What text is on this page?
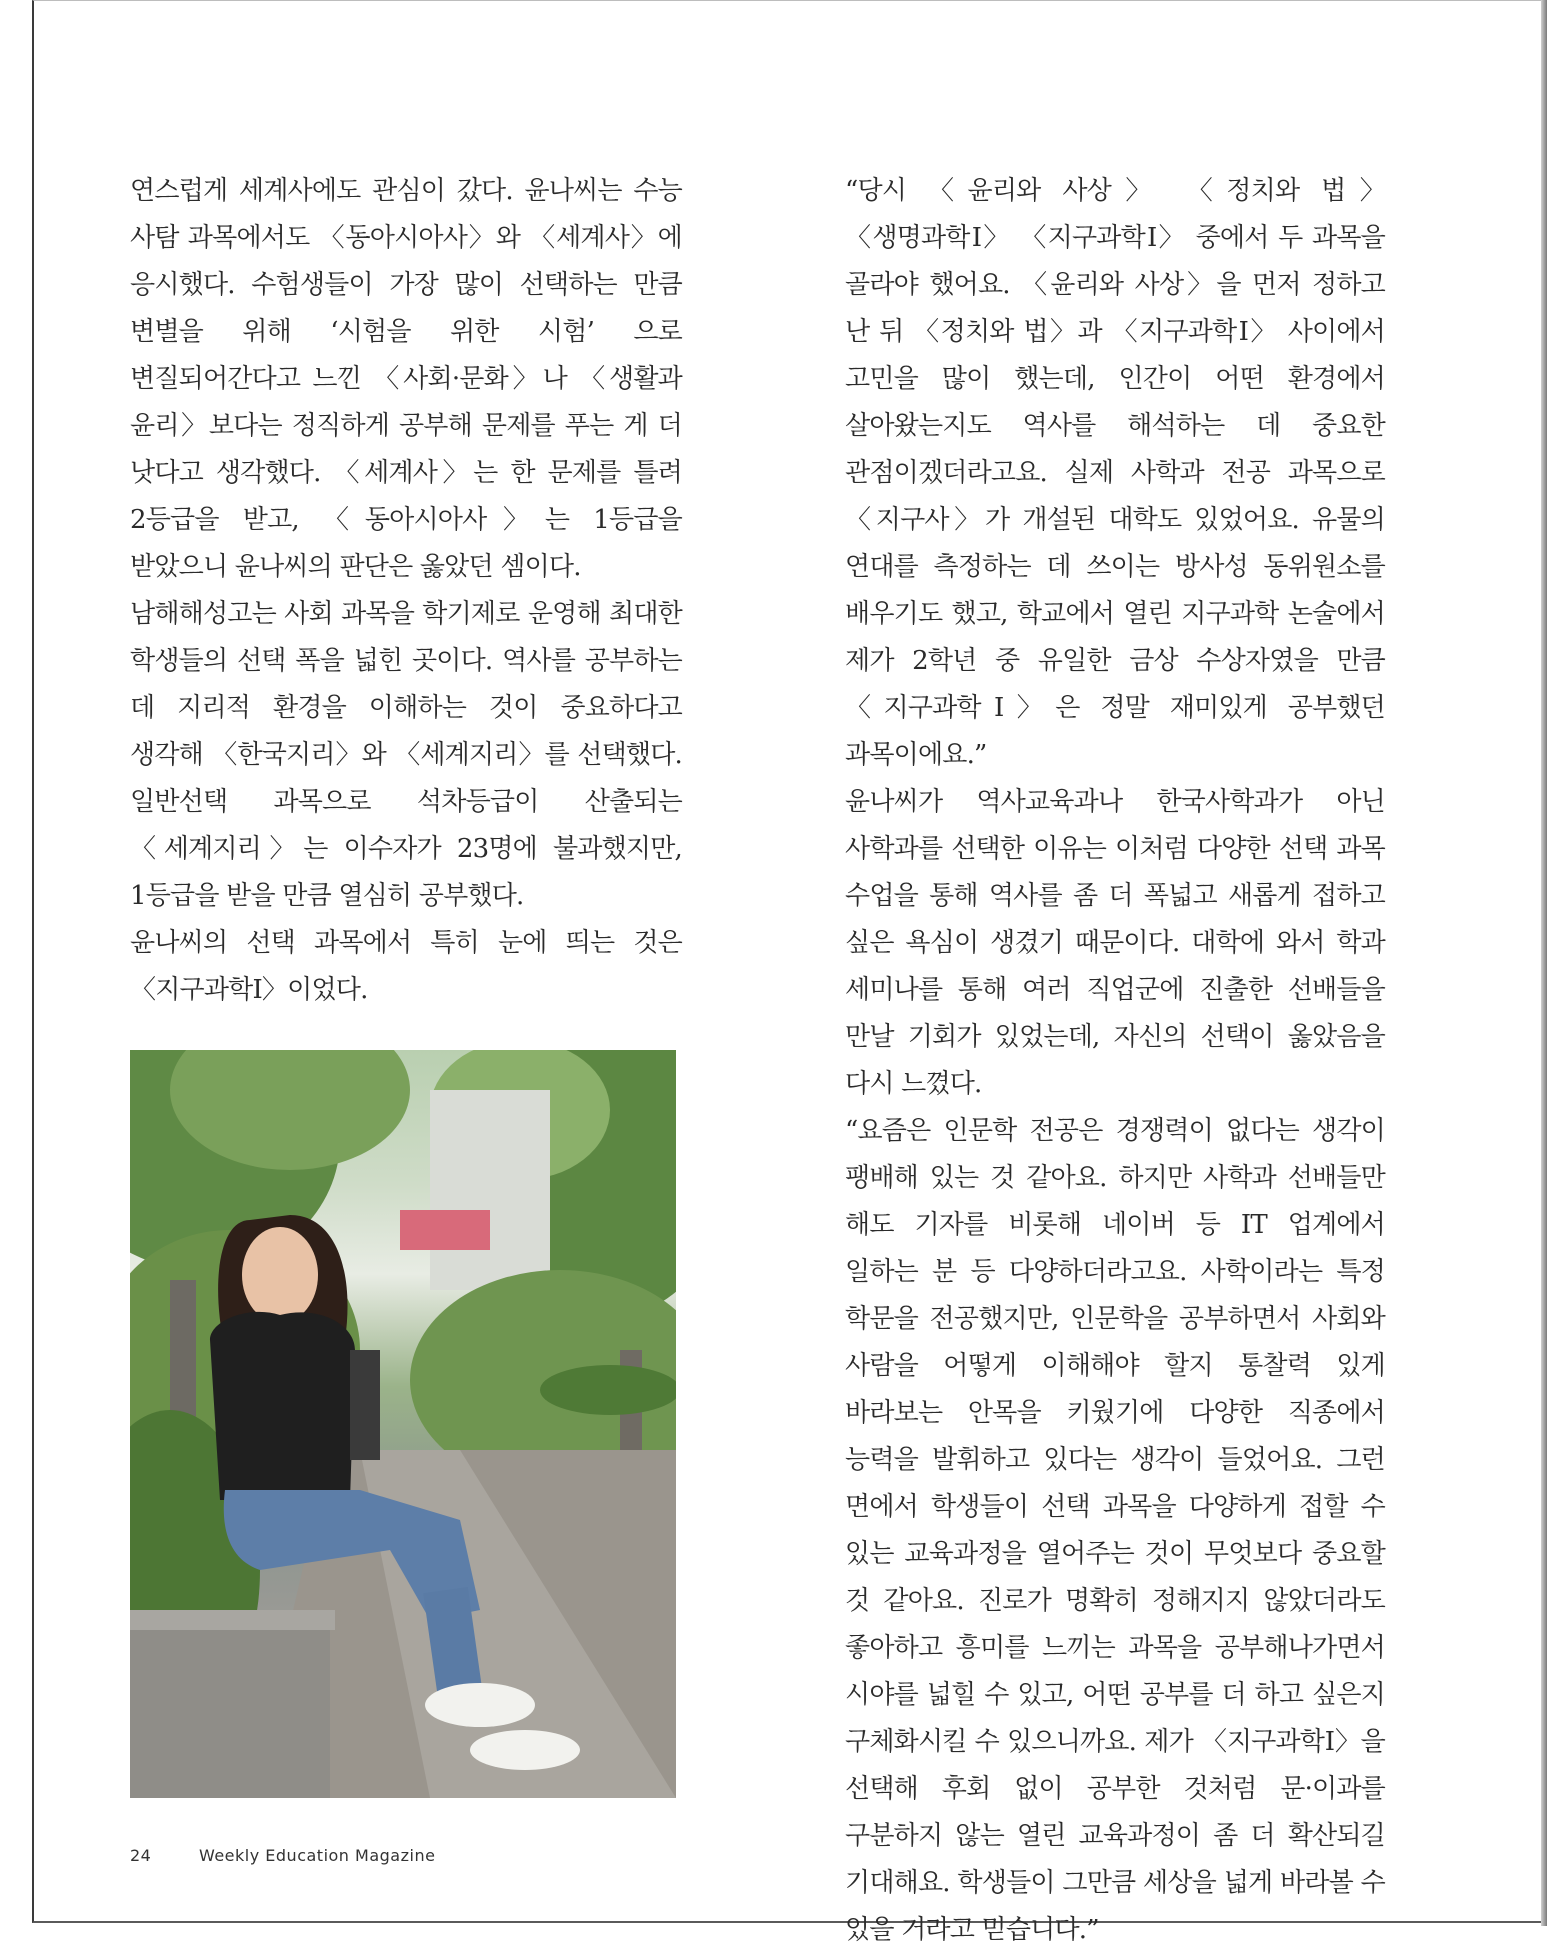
연스럽게 세계사에도 관심이 갔다. 윤나씨는 수능 사탐 과목에서도 〈동아시아사〉와 〈세계사〉에 응시했다. 수험생들이 가장 많이 선택하는 만큼 변별을 위해 ‘시험을 위한 시험’ 으로 변질되어간다고 느낀 〈사회·문화〉나 〈생활과 윤리〉보다는 정직하게 공부해 문제를 푸는 게 더 낫다고 생각했다. 〈세계사〉는 한 문제를 틀려 2등급을 받고, 〈동아시아사〉는 1등급을 받았으니 윤나씨의 판단은 옳았던 셈이다.

남해해성고는 사회 과목을 학기제로 운영해 최대한 학생들의 선택 폭을 넓힌 곳이다. 역사를 공부하는 데 지리적 환경을 이해하는 것이 중요하다고 생각해 〈한국지리〉와 〈세계지리〉를 선택했다. 일반선택 과목으로 석차등급이 산출되는 〈세계지리〉는 이수자가 23명에 불과했지만, 1등급을 받을 만큼 열심히 공부했다.

윤나씨의 선택 과목에서 특히 눈에 띄는 것은 〈지구과학Ⅰ〉이었다.

“당시 〈윤리와 사상〉 〈정치와 법〉 〈생명과학Ⅰ〉 〈지구과학Ⅰ〉 중에서 두 과목을 골라야 했어요. 〈윤리와 사상〉을 먼저 정하고 난 뒤 〈정치와 법〉과 〈지구과학Ⅰ〉 사이에서 고민을 많이 했는데, 인간이 어떤 환경에서 살아왔는지도 역사를 해석하는 데 중요한 관점이겠더라고요. 실제 사학과 전공 과목으로 〈지구사〉가 개설된 대학도 있었어요. 유물의 연대를 측정하는 데 쓰이는 방사성 동위원소를 배우기도 했고, 학교에서 열린 지구과학 논술에서 제가 2학년 중 유일한 금상 수상자였을 만큼 〈지구과학Ⅰ〉은 정말 재미있게 공부했던 과목이에요.”

윤나씨가 역사교육과나 한국사학과가 아닌 사학과를 선택한 이유는 이처럼 다양한 선택 과목 수업을 통해 역사를 좀 더 폭넓고 새롭게 접하고 싶은 욕심이 생겼기 때문이다. 대학에 와서 학과 세미나를 통해 여러 직업군에 진출한 선배들을 만날 기회가 있었는데, 자신의 선택이 옳았음을 다시 느꼈다.

“요즘은 인문학 전공은 경쟁력이 없다는 생각이 팽배해 있는 것 같아요. 하지만 사학과 선배들만 해도 기자를 비롯해 네이버 등 IT 업계에서 일하는 분 등 다양하더라고요. 사학이라는 특정 학문을 전공했지만, 인문학을 공부하면서 사회와 사람을 어떻게 이해해야 할지 통찰력 있게 바라보는 안목을 키웠기에 다양한 직종에서 능력을 발휘하고 있다는 생각이 들었어요. 그런 면에서 학생들이 선택 과목을 다양하게 접할 수 있는 교육과정을 열어주는 것이 무엇보다 중요할 것 같아요. 진로가 명확히 정해지지 않았더라도 좋아하고 흥미를 느끼는 과목을 공부해나가면서 시야를 넓힐 수 있고, 어떤 공부를 더 하고 싶은지 구체화시킬 수 있으니까요. 제가 〈지구과학Ⅰ〉을 선택해 후회 없이 공부한 것처럼 문·이과를 구분하지 않는 열린 교육과정이 좀 더 확산되길 기대해요. 학생들이 그만큼 세상을 넓게 바라볼 수 있을 거라고 믿습니다.”

24	Weekly Education Magazine
